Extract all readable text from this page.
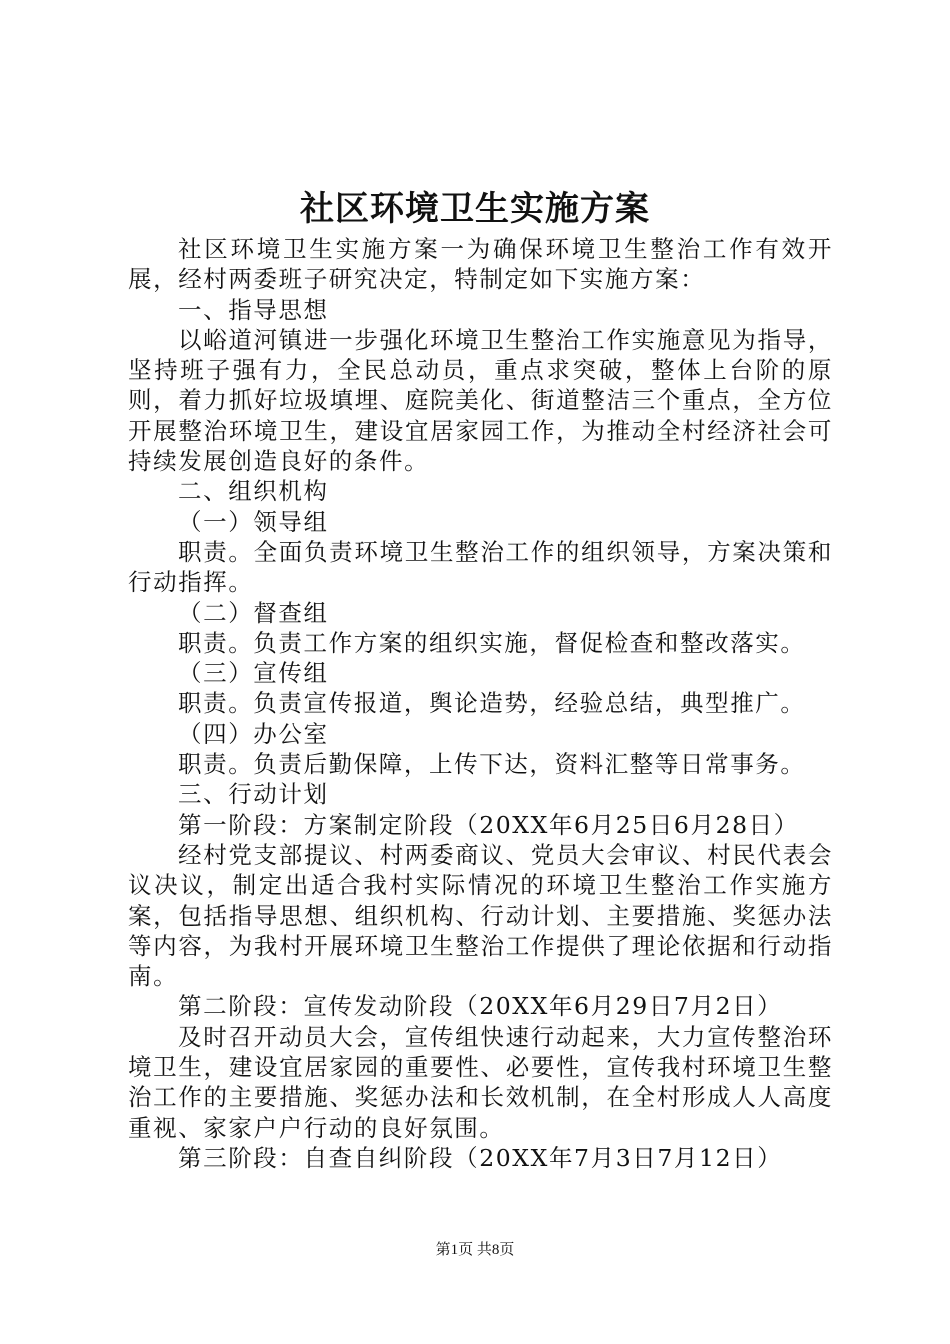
社区环境卫生实施方案

社区环境卫生实施方案一为确保环境卫生整治工作有效开展，经村两委班子研究决定，特制定如下实施方案：

一、指导思想

以峪道河镇进一步强化环境卫生整治工作实施意见为指导，坚持班子强有力，全民总动员，重点求突破，整体上台阶的原则，着力抓好垃圾填埋、庭院美化、街道整洁三个重点，全方位开展整治环境卫生，建设宜居家园工作，为推动全村经济社会可持续发展创造良好的条件。

二、组织机构

（一）领导组

职责。全面负责环境卫生整治工作的组织领导，方案决策和行动指挥。

（二）督查组

职责。负责工作方案的组织实施，督促检查和整改落实。

（三）宣传组

职责。负责宣传报道，舆论造势，经验总结，典型推广。

（四）办公室

职责。负责后勤保障，上传下达，资料汇整等日常事务。

三、行动计划

第一阶段：方案制定阶段（20XX年6月25日6月28日）

经村党支部提议、村两委商议、党员大会审议、村民代表会议决议，制定出适合我村实际情况的环境卫生整治工作实施方案，包括指导思想、组织机构、行动计划、主要措施、奖惩办法等内容，为我村开展环境卫生整治工作提供了理论依据和行动指南。

第二阶段：宣传发动阶段（20XX年6月29日7月2日）

及时召开动员大会，宣传组快速行动起来，大力宣传整治环境卫生，建设宜居家园的重要性、必要性，宣传我村环境卫生整治工作的主要措施、奖惩办法和长效机制，在全村形成人人高度重视、家家户户行动的良好氛围。

第三阶段：自查自纠阶段（20XX年7月3日7月12日）

第1页 共8页
